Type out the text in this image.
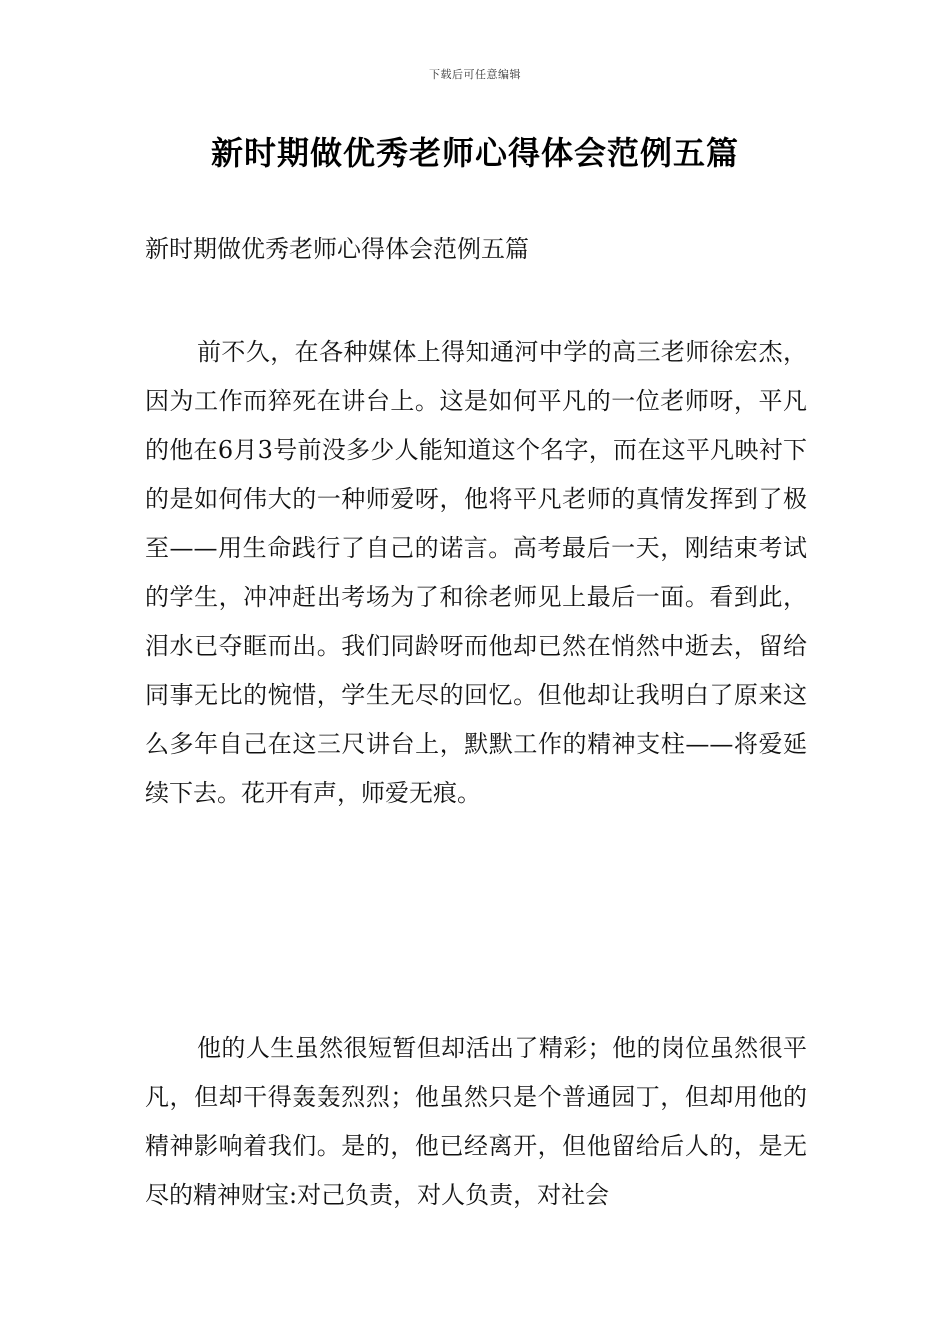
下载后可任意编辑
新时期做优秀老师心得体会范例五篇
新时期做优秀老师心得体会范例五篇

前不久，在各种媒体上得知通河中学的高三老师徐宏杰，因为工作而猝死在讲台上。这是如何平凡的一位老师呀，平凡的他在6月3号前没多少人能知道这个名字，而在这平凡映衬下的是如何伟大的一种师爱呀，他将平凡老师的真情发挥到了极至——用生命践行了自己的诺言。高考最后一天，刚结束考试的学生，冲冲赶出考场为了和徐老师见上最后一面。看到此，泪水已夺眶而出。我们同龄呀而他却已然在悄然中逝去，留给同事无比的惋惜，学生无尽的回忆。但他却让我明白了原来这么多年自己在这三尺讲台上，默默工作的精神支柱——将爱延续下去。花开有声，师爱无痕。

他的人生虽然很短暂但却活出了精彩；他的岗位虽然很平凡，但却干得轰轰烈烈；他虽然只是个普通园丁，但却用他的精神影响着我们。是的，他已经离开，但他留给后人的，是无尽的精神财宝:对己负责，对人负责，对社会
